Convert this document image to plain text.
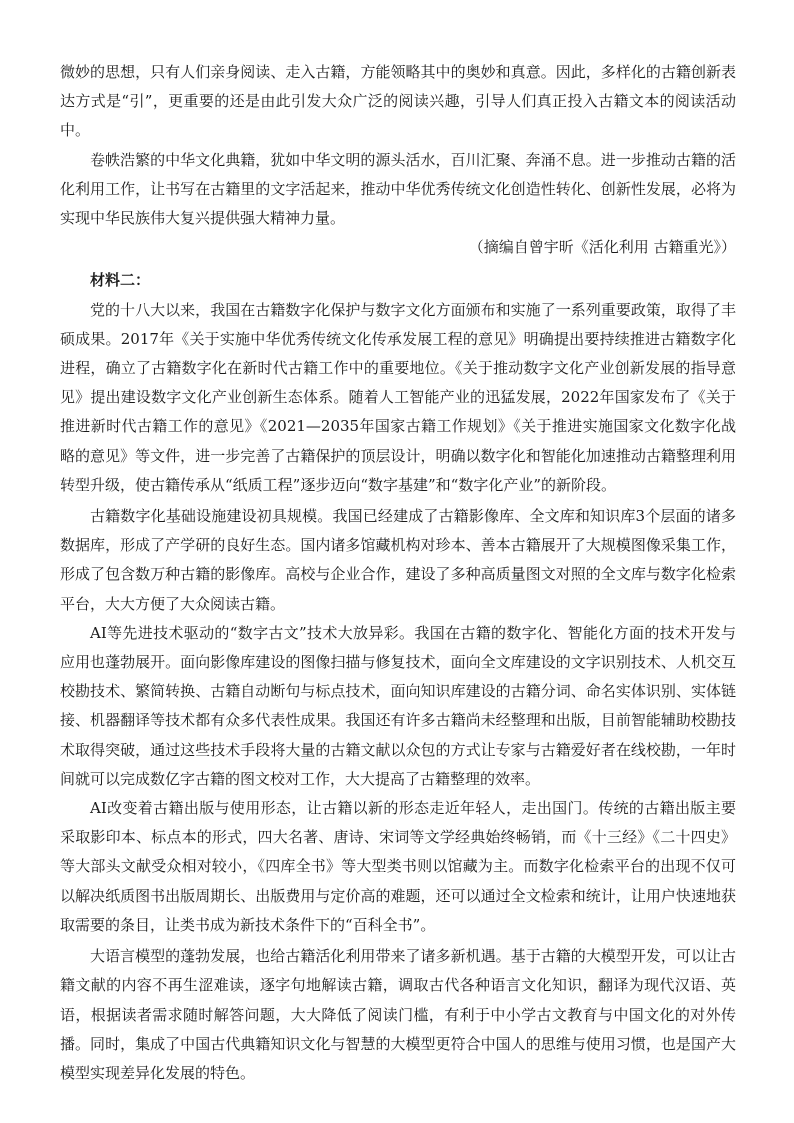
微妙的思想，只有人们亲身阅读、走入古籍，方能领略其中的奥妙和真意。因此，多样化的古籍创新表达方式是“引”，更重要的还是由此引发大众广泛的阅读兴趣，引导人们真正投入古籍文本的阅读活动中。

卷帙浩繁的中华文化典籍，犹如中华文明的源头活水，百川汇聚、奔涌不息。进一步推动古籍的活化利用工作，让书写在古籍里的文字活起来，推动中华优秀传统文化创造性转化、创新性发展，必将为实现中华民族伟大复兴提供强大精神力量。

（摘编自曾宇昕《活化利用 古籍重光》）

材料二：

党的十八大以来，我国在古籍数字化保护与数字文化方面颁布和实施了一系列重要政策，取得了丰硕成果。2017年《关于实施中华优秀传统文化传承发展工程的意见》明确提出要持续推进古籍数字化进程，确立了古籍数字化在新时代古籍工作中的重要地位。《关于推动数字文化产业创新发展的指导意见》提出建设数字文化产业创新生态体系。随着人工智能产业的迅猛发展，2022年国家发布了《关于推进新时代古籍工作的意见》《2021—2035年国家古籍工作规划》《关于推进实施国家文化数字化战略的意见》等文件，进一步完善了古籍保护的顶层设计，明确以数字化和智能化加速推动古籍整理利用转型升级，使古籍传承从“纸质工程”逐步迈向“数字基建”和“数字化产业”的新阶段。

古籍数字化基础设施建设初具规模。我国已经建成了古籍影像库、全文库和知识库3个层面的诸多数据库，形成了产学研的良好生态。国内诸多馆藏机构对珍本、善本古籍展开了大规模图像采集工作，形成了包含数万种古籍的影像库。高校与企业合作，建设了多种高质量图文对照的全文库与数字化检索平台，大大方便了大众阅读古籍。

AI等先进技术驱动的“数字古文”技术大放异彩。我国在古籍的数字化、智能化方面的技术开发与应用也蓬勃展开。面向影像库建设的图像扫描与修复技术，面向全文库建设的文字识别技术、人机交互校勘技术、繁简转换、古籍自动断句与标点技术，面向知识库建设的古籍分词、命名实体识别、实体链接、机器翻译等技术都有众多代表性成果。我国还有许多古籍尚未经整理和出版，目前智能辅助校勘技术取得突破，通过这些技术手段将大量的古籍文献以众包的方式让专家与古籍爱好者在线校勘，一年时间就可以完成数亿字古籍的图文校对工作，大大提高了古籍整理的效率。

AI改变着古籍出版与使用形态，让古籍以新的形态走近年轻人，走出国门。传统的古籍出版主要采取影印本、标点本的形式，四大名著、唐诗、宋词等文学经典始终畅销，而《十三经》《二十四史》等大部头文献受众相对较小，《四库全书》等大型类书则以馆藏为主。而数字化检索平台的出现不仅可以解决纸质图书出版周期长、出版费用与定价高的难题，还可以通过全文检索和统计，让用户快速地获取需要的条目，让类书成为新技术条件下的“百科全书”。

大语言模型的蓬勃发展，也给古籍活化利用带来了诸多新机遇。基于古籍的大模型开发，可以让古籍文献的内容不再生涩难读，逐字句地解读古籍，调取古代各种语言文化知识，翻译为现代汉语、英语，根据读者需求随时解答问题，大大降低了阅读门槛，有利于中小学古文教育与中国文化的对外传播。同时，集成了中国古代典籍知识文化与智慧的大模型更符合中国人的思维与使用习惯，也是国产大模型实现差异化发展的特色。
